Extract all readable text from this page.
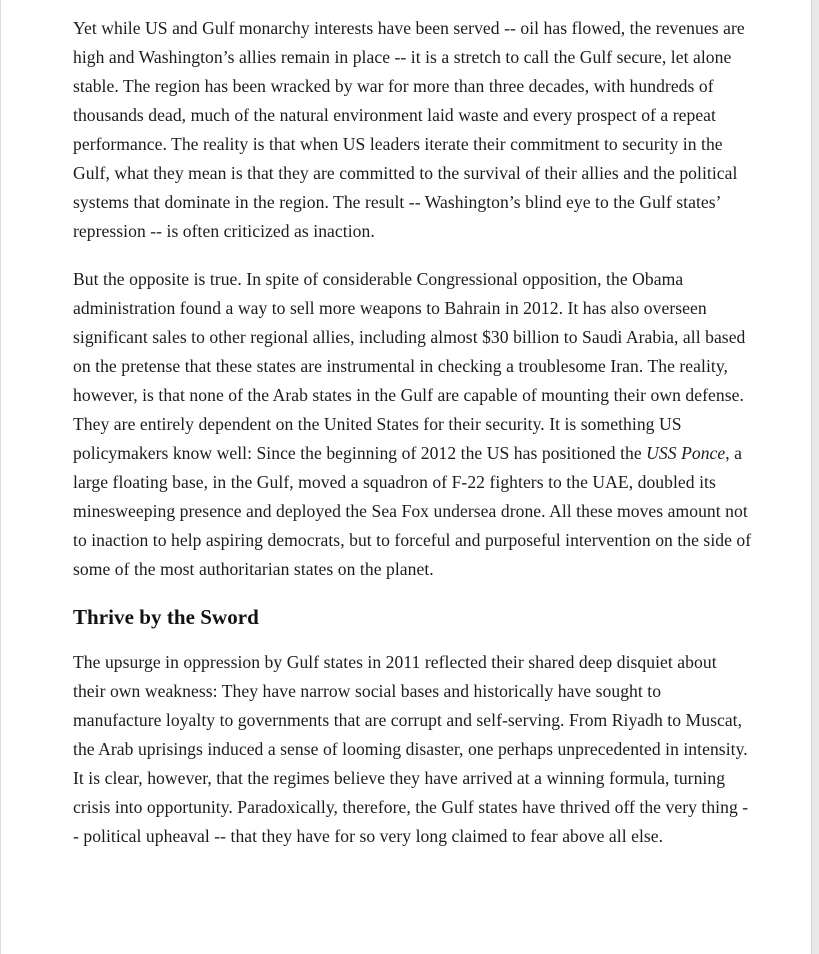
Yet while US and Gulf monarchy interests have been served -- oil has flowed, the revenues are high and Washington’s allies remain in place -- it is a stretch to call the Gulf secure, let alone stable. The region has been wracked by war for more than three decades, with hundreds of thousands dead, much of the natural environment laid waste and every prospect of a repeat performance. The reality is that when US leaders iterate their commitment to security in the Gulf, what they mean is that they are committed to the survival of their allies and the political systems that dominate in the region. The result -- Washington’s blind eye to the Gulf states’ repression -- is often criticized as inaction.

But the opposite is true. In spite of considerable Congressional opposition, the Obama administration found a way to sell more weapons to Bahrain in 2012. It has also overseen significant sales to other regional allies, including almost $30 billion to Saudi Arabia, all based on the pretense that these states are instrumental in checking a troublesome Iran. The reality, however, is that none of the Arab states in the Gulf are capable of mounting their own defense. They are entirely dependent on the United States for their security. It is something US policymakers know well: Since the beginning of 2012 the US has positioned the USS Ponce, a large floating base, in the Gulf, moved a squadron of F-22 fighters to the UAE, doubled its minesweeping presence and deployed the Sea Fox undersea drone. All these moves amount not to inaction to help aspiring democrats, but to forceful and purposeful intervention on the side of some of the most authoritarian states on the planet.

Thrive by the Sword

The upsurge in oppression by Gulf states in 2011 reflected their shared deep disquiet about their own weakness: They have narrow social bases and historically have sought to manufacture loyalty to governments that are corrupt and self-serving. From Riyadh to Muscat, the Arab uprisings induced a sense of looming disaster, one perhaps unprecedented in intensity. It is clear, however, that the regimes believe they have arrived at a winning formula, turning crisis into opportunity. Paradoxically, therefore, the Gulf states have thrived off the very thing -- political upheaval -- that they have for so very long claimed to fear above all else.
